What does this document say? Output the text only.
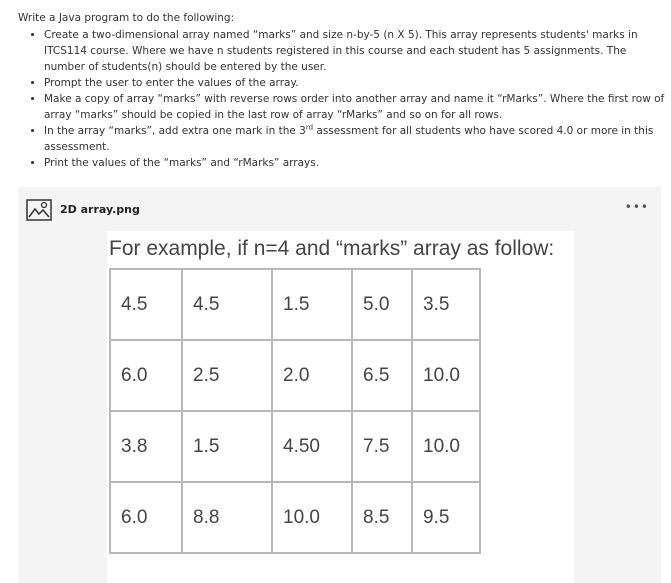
Write a Java program to do the following:
• Create a two-dimensional array named “marks” and size n-by-5 (n X 5). This array represents students' marks in ITCS114 course. Where we have n students registered in this course and each student has 5 assignments. The number of students(n) should be entered by the user.
• Prompt the user to enter the values of the array.
• Make a copy of array “marks” with reverse rows order into another array and name it “rMarks”. Where the first row of array “marks” should be copied in the last row of array “rMarks” and so on for all rows.
• In the array “marks”, add extra one mark in the 3rd assessment for all students who have scored 4.0 or more in this assessment.
• Print the values of the “marks” and “rMarks” arrays.
2D array.png	•••
For example, if n=4 and “marks” array as follow:
4.5	4.5	1.5	5.0	3.5
6.0	2.5	2.0	6.5	10.0
3.8	1.5	4.50	7.5	10.0
6.0	8.8	10.0	8.5	9.5
